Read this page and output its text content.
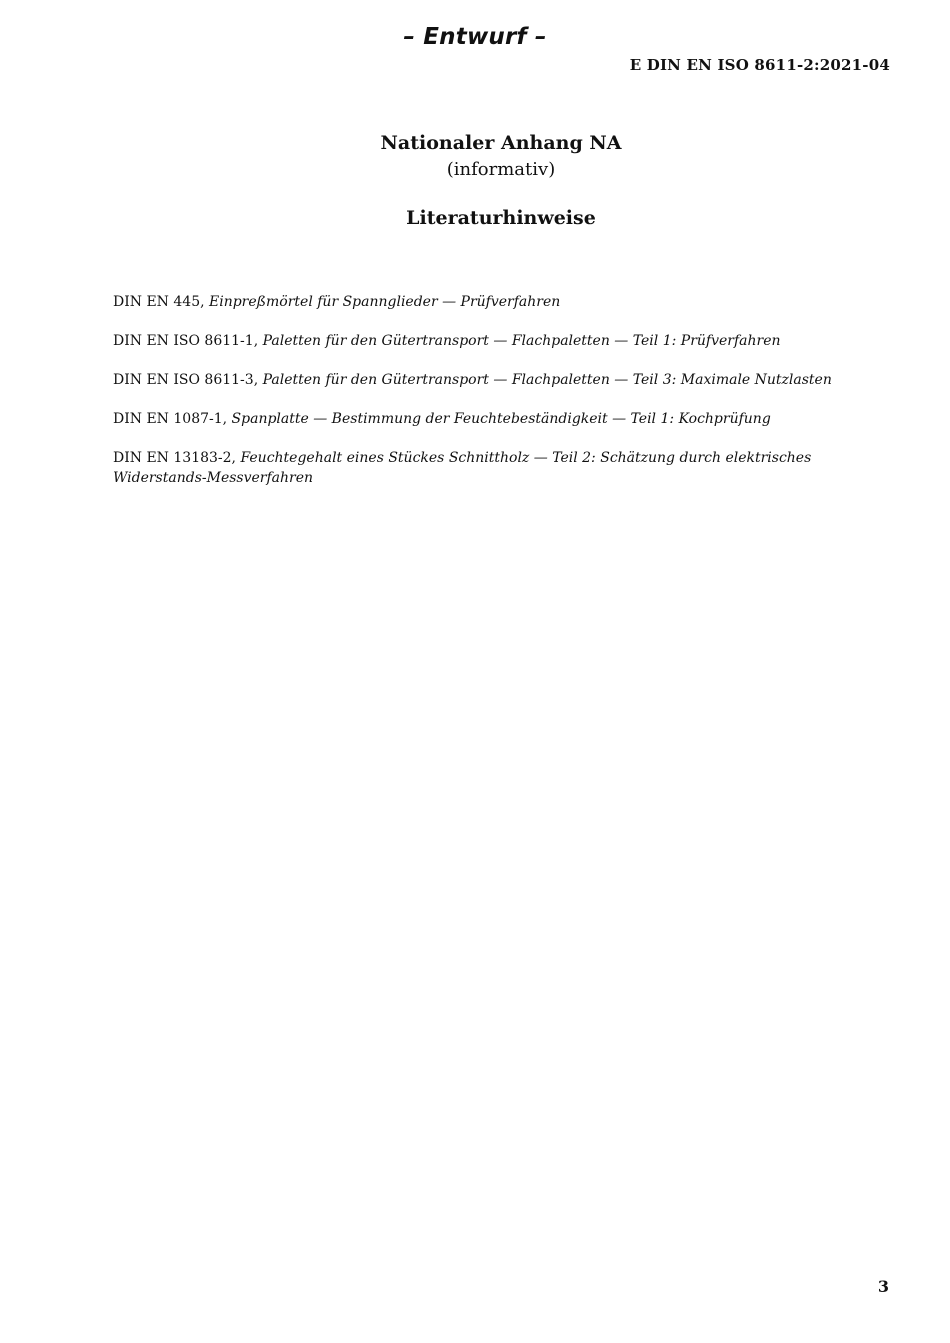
– Entwurf –
E DIN EN ISO 8611-2:2021-04
Nationaler Anhang NA
(informativ)
Literaturhinweise
DIN EN 445, Einpreßmörtel für Spannglieder — Prüfverfahren
DIN EN ISO 8611-1, Paletten für den Gütertransport — Flachpaletten — Teil 1: Prüfverfahren
DIN EN ISO 8611-3, Paletten für den Gütertransport — Flachpaletten — Teil 3: Maximale Nutzlasten
DIN EN 1087-1, Spanplatte — Bestimmung der Feuchtebeständigkeit — Teil 1: Kochprüfung
DIN EN 13183-2, Feuchtegehalt eines Stückes Schnittholz — Teil 2: Schätzung durch elektrisches Widerstands-Messverfahren
3
